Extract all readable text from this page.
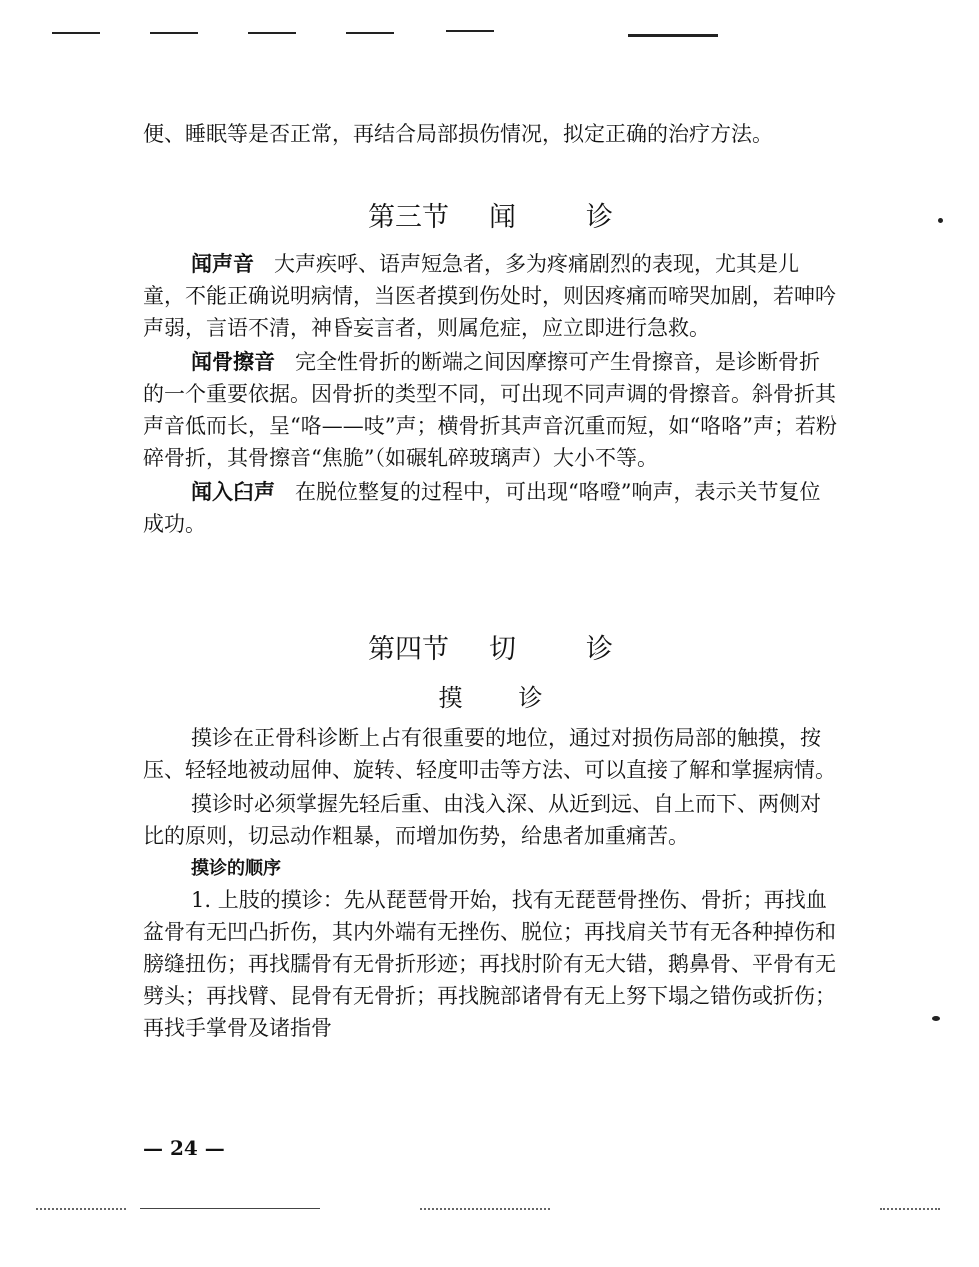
便、睡眠等是否正常，再结合局部损伤情况，拟定正确的治疗方法。

第三节 闻	诊

闻声音 大声疾呼、语声短急者，多为疼痛剧烈的表现，尤其是儿童，不能正确说明病情，当医者摸到伤处时，则因疼痛而啼哭加剧，若呻吟声弱，言语不清，神昏妄言者，则属危症，应立即进行急救。

闻骨擦音 完全性骨折的断端之间因摩擦可产生骨擦音，是诊断骨折的一个重要依据。因骨折的类型不同，可出现不同声调的骨擦音。斜骨折其声音低而长，呈“咯——吱”声；横骨折其声音沉重而短，如“咯咯”声；若粉碎骨折，其骨擦音“焦脆”（如碾轧碎玻璃声）大小不等。

闻入臼声 在脱位整复的过程中，可出现“咯噔”响声，表示关节复位成功。

第四节 切	诊
摸 诊

摸诊在正骨科诊断上占有很重要的地位，通过对损伤局部的触摸，按压、轻轻地被动屈伸、旋转、轻度叩击等方法、可以直接了解和掌握病情。

摸诊时必须掌握先轻后重、由浅入深、从近到远、自上而下、两侧对比的原则，切忌动作粗暴，而增加伤势，给患者加重痛苦。

摸诊的顺序

1. 上肢的摸诊：先从琵琶骨开始，找有无琵琶骨挫伤、骨折；再找血盆骨有无凹凸折伤，其内外端有无挫伤、脱位；再找肩关节有无各种掉伤和膀缝扭伤；再找臑骨有无骨折形迹；再找肘阶有无大错，鹅鼻骨、平骨有无劈头；再找臂、昆骨有无骨折；再找腕部诸骨有无上努下塌之错伤或折伤；再找手掌骨及诸指骨

— 24 —
